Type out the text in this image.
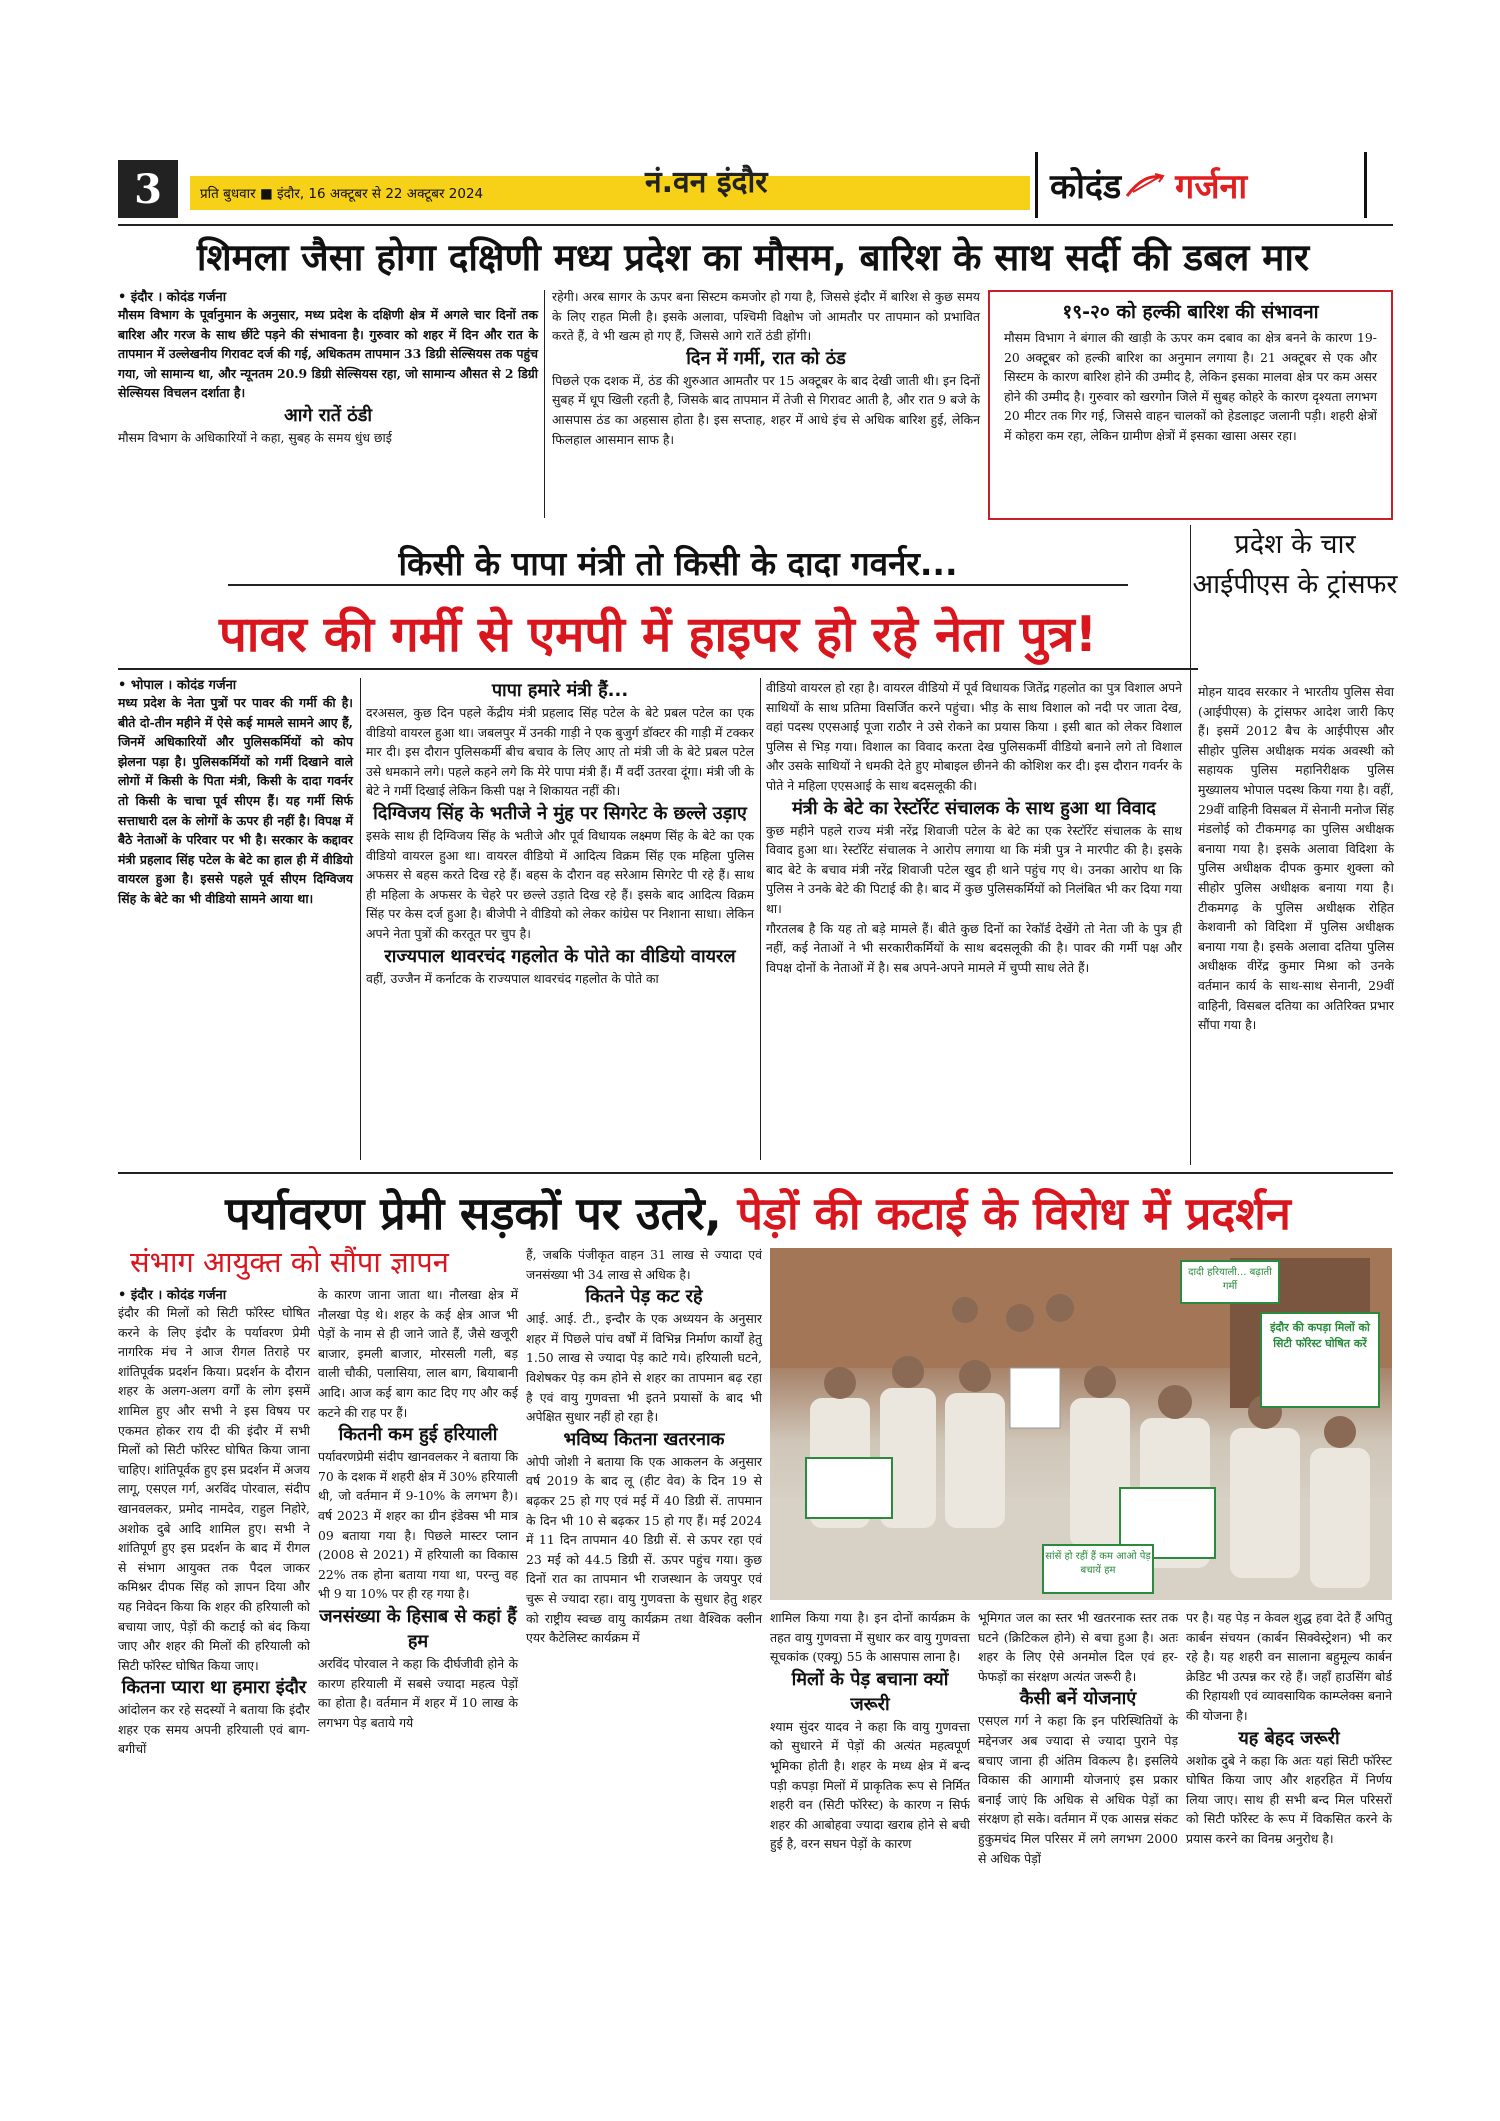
3	प्रति बुधवार ■ इंदौर, 16 अक्टूबर से 22 अक्टूबर 2024	नं.वन इंदौर	कोदंड गर्जना
शिमला जैसा होगा दक्षिणी मध्य प्रदेश का मौसम, बारिश के साथ सर्दी की डबल मार
• इंदौर । कोदंड गर्जना

मौसम विभाग के पूर्वानुमान के अनुसार, मध्य प्रदेश के दक्षिणी क्षेत्र में अगले चार दिनों तक बारिश और गरज के साथ छींटे पड़ने की संभावना है। गुरुवार को शहर में दिन और रात के तापमान में उल्लेखनीय गिरावट दर्ज की गई, अधिकतम तापमान 33 डिग्री सेल्सियस तक पहुंच गया, जो सामान्य था, और न्यूनतम 20.9 डिग्री सेल्सियस रहा, जो सामान्य औसत से 2 डिग्री सेल्सियस विचलन दर्शाता है।

आगे रातें ठंडी

मौसम विभाग के अधिकारियों ने कहा, सुबह के समय धुंध छाई

रहेगी। अरब सागर के ऊपर बना सिस्टम कमजोर हो गया है, जिससे इंदौर में बारिश से कुछ समय के लिए राहत मिली है। इसके अलावा, पश्चिमी विक्षोभ जो आमतौर पर तापमान को प्रभावित करते हैं, वे भी खत्म हो गए हैं, जिससे आगे रातें ठंडी होंगी।

दिन में गर्मी, रात को ठंड

पिछले एक दशक में, ठंड की शुरुआत आमतौर पर 15 अक्टूबर के बाद देखी जाती थी। इन दिनों सुबह में धूप खिली रहती है, जिसके बाद तापमान में तेजी से गिरावट आती है, और रात 9 बजे के आसपास ठंड का अहसास होता है। इस सप्ताह, शहर में आधे इंच से अधिक बारिश हुई, लेकिन फिलहाल आसमान साफ है।

१९-२० को हल्की बारिश की संभावना

मौसम विभाग ने बंगाल की खाड़ी के ऊपर कम दबाव का क्षेत्र बनने के कारण 19-20 अक्टूबर को हल्की बारिश का अनुमान लगाया है। 21 अक्टूबर से एक और सिस्टम के कारण बारिश होने की उम्मीद है, लेकिन इसका मालवा क्षेत्र पर कम असर होने की उम्मीद है। गुरुवार को खरगोन जिले में सुबह कोहरे के कारण दृश्यता लगभग 20 मीटर तक गिर गई, जिससे वाहन चालकों को हेडलाइट जलानी पड़ी। शहरी क्षेत्रों में कोहरा कम रहा, लेकिन ग्रामीण क्षेत्रों में इसका खासा असर रहा।

किसी के पापा मंत्री तो किसी के दादा गवर्नर...
पावर की गर्मी से एमपी में हाइपर हो रहे नेता पुत्र!
• भोपाल । कोदंड गर्जना

मध्य प्रदेश के नेता पुत्रों पर पावर की गर्मी की है। बीते दो-तीन महीने में ऐसे कई मामले सामने आए हैं, जिनमें अधिकारियों और पुलिसकर्मियों को कोप झेलना पड़ा है। पुलिसकर्मियों को गर्मी दिखाने वाले लोगों में किसी के पिता मंत्री, किसी के दादा गवर्नर तो किसी के चाचा पूर्व सीएम हैं। यह गर्मी सिर्फ सत्ताधारी दल के लोगों के ऊपर ही नहीं है। विपक्ष में बैठे नेताओं के परिवार पर भी है। सरकार के कद्दावर मंत्री प्रहलाद सिंह पटेल के बेटे का हाल ही में वीडियो वायरल हुआ है। इससे पहले पूर्व सीएम दिग्विजय सिंह के बेटे का भी वीडियो सामने आया था।

पापा हमारे मंत्री हैं...

दरअसल, कुछ दिन पहले केंद्रीय मंत्री प्रहलाद सिंह पटेल के बेटे प्रबल पटेल का एक वीडियो वायरल हुआ था। जबलपुर में उनकी गाड़ी ने एक बुजुर्ग डॉक्टर की गाड़ी में टक्कर मार दी। इस दौरान पुलिसकर्मी बीच बचाव के लिए आए तो मंत्री जी के बेटे प्रबल पटेल उसे धमकाने लगे। पहले कहने लगे कि मेरे पापा मंत्री हैं। मैं वर्दी उतरवा दूंगा। मंत्री जी के बेटे ने गर्मी दिखाई लेकिन किसी पक्ष ने शिकायत नहीं की।

दिग्विजय सिंह के भतीजे ने मुंह पर सिगरेट के छल्ले उड़ाए

इसके साथ ही दिग्विजय सिंह के भतीजे और पूर्व विधायक लक्ष्मण सिंह के बेटे का एक वीडियो वायरल हुआ था। वायरल वीडियो में आदित्य विक्रम सिंह एक महिला पुलिस अफसर से बहस करते दिख रहे हैं। बहस के दौरान वह सरेआम सिगरेट पी रहे हैं। साथ ही महिला के अफसर के चेहरे पर छल्ले उड़ाते दिख रहे हैं। इसके बाद आदित्य विक्रम सिंह पर केस दर्ज हुआ है। बीजेपी ने वीडियो को लेकर कांग्रेस पर निशाना साधा। लेकिन अपने नेता पुत्रों की करतूत पर चुप है।

राज्यपाल थावरचंद गहलोत के पोते का वीडियो वायरल

वहीं, उज्जैन में कर्नाटक के राज्यपाल थावरचंद गहलोत के पोते का

वीडियो वायरल हो रहा है। वायरल वीडियो में पूर्व विधायक जितेंद्र गहलोत का पुत्र विशाल अपने साथियों के साथ प्रतिमा विसर्जित करने पहुंचा। भीड़ के साथ विशाल को नदी पर जाता देख, वहां पदस्थ एएसआई पूजा राठौर ने उसे रोकने का प्रयास किया । इसी बात को लेकर विशाल पुलिस से भिड़ गया। विशाल का विवाद करता देख पुलिसकर्मी वीडियो बनाने लगे तो विशाल और उसके साथियों ने धमकी देते हुए मोबाइल छीनने की कोशिश कर दी। इस दौरान गवर्नर के पोते ने महिला एएसआई के साथ बदसलूकी की।

मंत्री के बेटे का रेस्टॉरेंट संचालक के साथ हुआ था विवाद

कुछ महीने पहले राज्य मंत्री नरेंद्र शिवाजी पटेल के बेटे का एक रेस्टॉरेंट संचालक के साथ विवाद हुआ था। रेस्टॉरेंट संचालक ने आरोप लगाया था कि मंत्री पुत्र ने मारपीट की है। इसके बाद बेटे के बचाव मंत्री नरेंद्र शिवाजी पटेल खुद ही थाने पहुंच गए थे। उनका आरोप था कि पुलिस ने उनके बेटे की पिटाई की है। बाद में कुछ पुलिसकर्मियों को निलंबित भी कर दिया गया था।

गौरतलब है कि यह तो बड़े मामले हैं। बीते कुछ दिनों का रेकॉर्ड देखेंगे तो नेता जी के पुत्र ही नहीं, कई नेताओं ने भी सरकारीकर्मियों के साथ बदसलूकी की है। पावर की गर्मी पक्ष और विपक्ष दोनों के नेताओं में है। सब अपने-अपने मामले में चुप्पी साध लेते हैं।

प्रदेश के चार आईपीएस के ट्रांसफर

मोहन यादव सरकार ने भारतीय पुलिस सेवा (आईपीएस) के ट्रांसफर आदेश जारी किए हैं। इसमें 2012 बैच के आईपीएस और सीहोर पुलिस अधीक्षक मयंक अवस्थी को सहायक पुलिस महानिरीक्षक पुलिस मुख्यालय भोपाल पदस्थ किया गया है। वहीं, 29वीं वाहिनी विसबल में सेनानी मनोज सिंह मंडलोई को टीकमगढ़ का पुलिस अधीक्षक बनाया गया है। इसके अलावा विदिशा के पुलिस अधीक्षक दीपक कुमार शुक्ला को सीहोर पुलिस अधीक्षक बनाया गया है। टीकमगढ़ के पुलिस अधीक्षक रोहित केशवानी को विदिशा में पुलिस अधीक्षक बनाया गया है। इसके अलावा दतिया पुलिस अधीक्षक वीरेंद्र कुमार मिश्रा को उनके वर्तमान कार्य के साथ-साथ सेनानी, 29वीं वाहिनी, विसबल दतिया का अतिरिक्त प्रभार सौंपा गया है।

पर्यावरण प्रेमी सड़कों पर उतरे, पेड़ों की कटाई के विरोध में प्रदर्शन
संभाग आयुक्त को सौंपा ज्ञापन
• इंदौर । कोदंड गर्जना

इंदौर की मिलों को सिटी फॉरेस्ट घोषित करने के लिए इंदौर के पर्यावरण प्रेमी नागरिक मंच ने आज रीगल तिराहे पर शांतिपूर्वक प्रदर्शन किया। प्रदर्शन के दौरान शहर के अलग-अलग वर्गों के लोग इसमें शामिल हुए और सभी ने इस विषय पर एकमत होकर राय दी की इंदौर में सभी मिलों को सिटी फॉरेस्ट घोषित किया जाना चाहिए। शांतिपूर्वक हुए इस प्रदर्शन में अजय लागू, एसएल गर्ग, अरविंद पोरवाल, संदीप खानवलकर, प्रमोद नामदेव, राहुल निहोरे, अशोक दुबे आदि शामिल हुए। सभी ने शांतिपूर्ण हुए इस प्रदर्शन के बाद में रीगल से संभाग आयुक्त तक पैदल जाकर कमिश्नर दीपक सिंह को ज्ञापन दिया और यह निवेदन किया कि शहर की हरियाली को बचाया जाए, पेड़ों की कटाई को बंद किया जाए और शहर की मिलों की हरियाली को सिटी फॉरेस्ट घोषित किया जाए।

कितना प्यारा था हमारा इंदौर

आंदोलन कर रहे सदस्यों ने बताया कि इंदौर शहर एक समय अपनी हरियाली एवं बाग-बगीचों

के कारण जाना जाता था। नौलखा क्षेत्र में नौलखा पेड़ थे। शहर के कई क्षेत्र आज भी पेड़ों के नाम से ही जाने जाते हैं, जैसे खजूरी बाजार, इमली बाजार, मोरसली गली, बड़ वाली चौकी, पलासिया, लाल बाग, बियाबानी आदि। आज कई बाग काट दिए गए और कई कटने की राह पर हैं।

कितनी कम हुई हरियाली

पर्यावरणप्रेमी संदीप खानवलकर ने बताया कि 70 के दशक में शहरी क्षेत्र में 30% हरियाली थी, जो वर्तमान में 9-10% के लगभग है)। वर्ष 2023 में शहर का ग्रीन इंडेक्स भी मात्र 09 बताया गया है। पिछले मास्टर प्लान (2008 से 2021) में हरियाली का विकास 22% तक होना बताया गया था, परन्तु वह भी 9 या 10% पर ही रह गया है।

जनसंख्या के हिसाब से कहां हैं हम

अरविंद पोरवाल ने कहा कि दीर्घजीवी होने के कारण हरियाली में सबसे ज्यादा महत्व पेड़ों का होता है। वर्तमान में शहर में 10 लाख के लगभग पेड़ बताये गये

हैं, जबकि पंजीकृत वाहन 31 लाख से ज्यादा एवं जनसंख्या भी 34 लाख से अधिक है।

कितने पेड़ कट रहे

आई. आई. टी., इन्दौर के एक अध्ययन के अनुसार शहर में पिछले पांच वर्षों में विभिन्न निर्माण कार्यों हेतु 1.50 लाख से ज्यादा पेड़ काटे गये। हरियाली घटने, विशेषकर पेड़ कम होने से शहर का तापमान बढ़ रहा है एवं वायु गुणवत्ता भी इतने प्रयासों के बाद भी अपेक्षित सुधार नहीं हो रहा है।

भविष्य कितना खतरनाक

ओपी जोशी ने बताया कि एक आकलन के अनुसार वर्ष 2019 के बाद लू (हीट वेव) के दिन 19 से बढ़कर 25 हो गए एवं मई में 40 डिग्री सें. तापमान के दिन भी 10 से बढ़कर 15 हो गए हैं। मई 2024 में 11 दिन तापमान 40 डिग्री सें. से ऊपर रहा एवं 23 मई को 44.5 डिग्री सें. ऊपर पहुंच गया। कुछ दिनों रात का तापमान भी राजस्थान के जयपुर एवं चुरू से ज्यादा रहा। वायु गुणवत्ता के सुधार हेतु शहर को राष्ट्रीय स्वच्छ वायु कार्यक्रम तथा वैश्विक क्लीन एयर कैटेलिस्ट कार्यक्रम में

दादी हरियाली... बढ़ाती गर्मी
इंदौर की कपड़ा मिलों को सिटी फॉरेस्ट घोषित करें
सांसें हो रहीं हैं कम आओ पेड़ बचायें हम

शामिल किया गया है। इन दोनों कार्यक्रम के तहत वायु गुणवत्ता में सुधार कर वायु गुणवत्ता सूचकांक (एक्यू) 55 के आसपास लाना है।

मिलों के पेड़ बचाना क्यों जरूरी

श्याम सुंदर यादव ने कहा कि वायु गुणवत्ता को सुधारने में पेड़ों की अत्यंत महत्वपूर्ण भूमिका होती है। शहर के मध्य क्षेत्र में बन्द पड़ी कपड़ा मिलों में प्राकृतिक रूप से निर्मित शहरी वन (सिटी फॉरेस्ट) के कारण न सिर्फ शहर की आबोहवा ज्यादा खराब होने से बची हुई है, वरन सघन पेड़ों के कारण

भूमिगत जल का स्तर भी खतरनाक स्तर तक घटने (क्रिटिकल होने) से बचा हुआ है। अतः शहर के लिए ऐसे अनमोल दिल एवं हर-फेफड़ों का संरक्षण अत्यंत जरूरी है।

कैसी बनें योजनाएं

एसएल गर्ग ने कहा कि इन परिस्थितियों के मद्देनजर अब ज्यादा से ज्यादा पुराने पेड़ बचाए जाना ही अंतिम विकल्प है। इसलिये विकास की आगामी योजनाएं इस प्रकार बनाई जाएं कि अधिक से अधिक पेड़ों का संरक्षण हो सके। वर्तमान में एक आसन्न संकट हुकुमचंद मिल परिसर में लगे लगभग 2000 से अधिक पेड़ों

पर है। यह पेड़ न केवल शुद्ध हवा देते हैं अपितु कार्बन संचयन (कार्बन सिक्वेस्ट्रेशन) भी कर रहे है। यह शहरी वन सालाना बहुमूल्य कार्बन क्रेडिट भी उत्पन्न कर रहे हैं। जहाँ हाउसिंग बोर्ड की रिहायशी एवं व्यावसायिक काम्प्लेक्स बनाने की योजना है।

यह बेहद जरूरी

अशोक दुबे ने कहा कि अतः यहां सिटी फॉरेस्ट घोषित किया जाए और शहरहित में निर्णय लिया जाए। साथ ही सभी बन्द मिल परिसरों को सिटी फॉरेस्ट के रूप में विकसित करने के प्रयास करने का विनम्र अनुरोध है।
